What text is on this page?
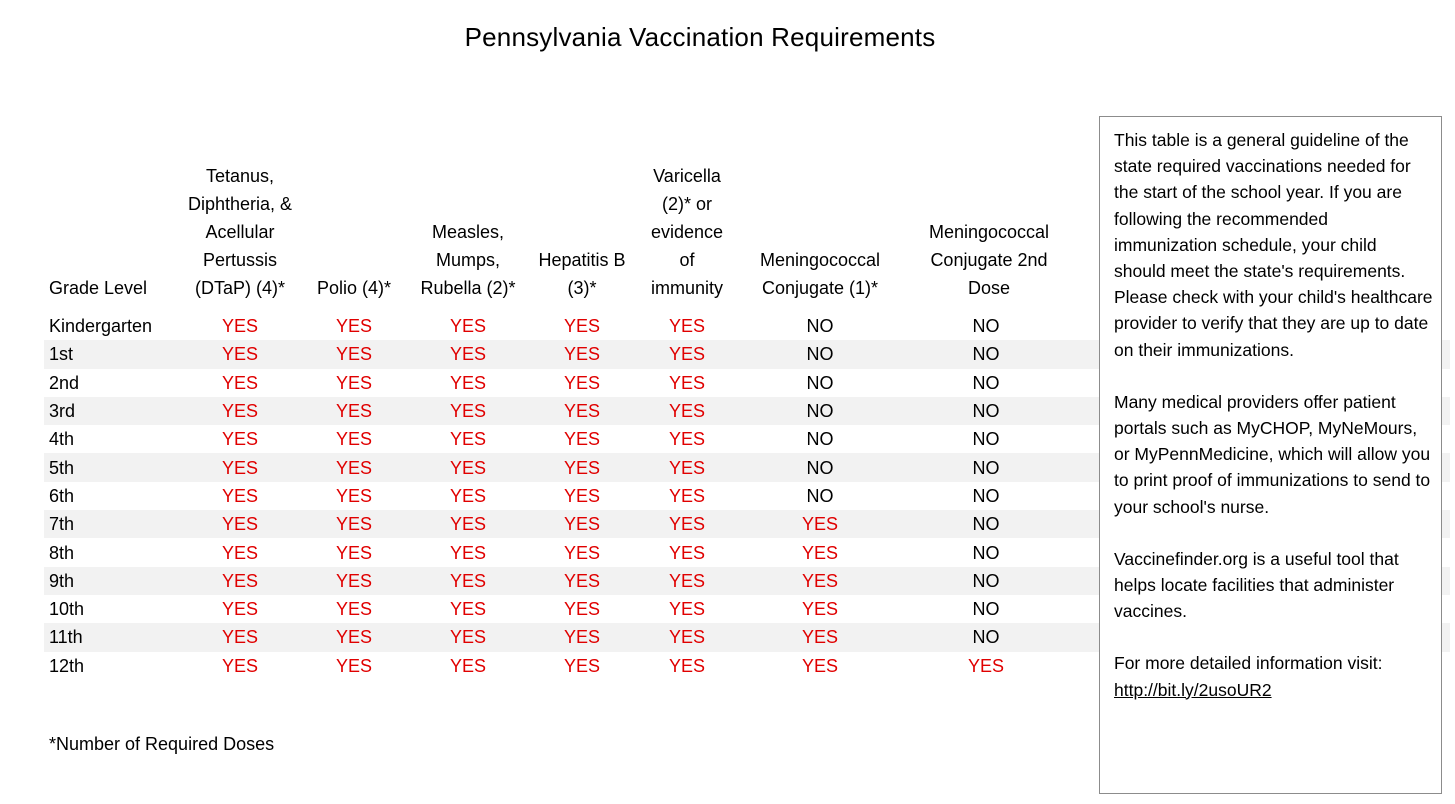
Pennsylvania Vaccination Requirements
Grade Level	Tetanus, Diphtheria, & Acellular Pertussis (DTaP) (4)*	Polio (4)*	Measles, Mumps, Rubella (2)*	Hepatitis B (3)*	Varicella (2)* or evidence of immunity	Meningococcal Conjugate (1)*	Meningococcal Conjugate 2nd Dose
Kindergarten	YES	YES	YES	YES	YES	NO	NO
1st	YES	YES	YES	YES	YES	NO	NO
2nd	YES	YES	YES	YES	YES	NO	NO
3rd	YES	YES	YES	YES	YES	NO	NO
4th	YES	YES	YES	YES	YES	NO	NO
5th	YES	YES	YES	YES	YES	NO	NO
6th	YES	YES	YES	YES	YES	NO	NO
7th	YES	YES	YES	YES	YES	YES	NO
8th	YES	YES	YES	YES	YES	YES	NO
9th	YES	YES	YES	YES	YES	YES	NO
10th	YES	YES	YES	YES	YES	YES	NO
11th	YES	YES	YES	YES	YES	YES	NO
12th	YES	YES	YES	YES	YES	YES	YES
*Number of Required Doses

This table is a general guideline of the state required vaccinations needed for the start of the school year. If you are following the recommended immunization schedule, your child should meet the state's requirements. Please check with your child's healthcare provider to verify that they are up to date on their immunizations.

Many medical providers offer patient portals such as MyCHOP, MyNeMours, or MyPennMedicine, which will allow you to print proof of immunizations to send to your school's nurse.

Vaccinefinder.org is a useful tool that helps locate facilities that administer vaccines.

For more detailed information visit:
http://bit.ly/2usoUR2
